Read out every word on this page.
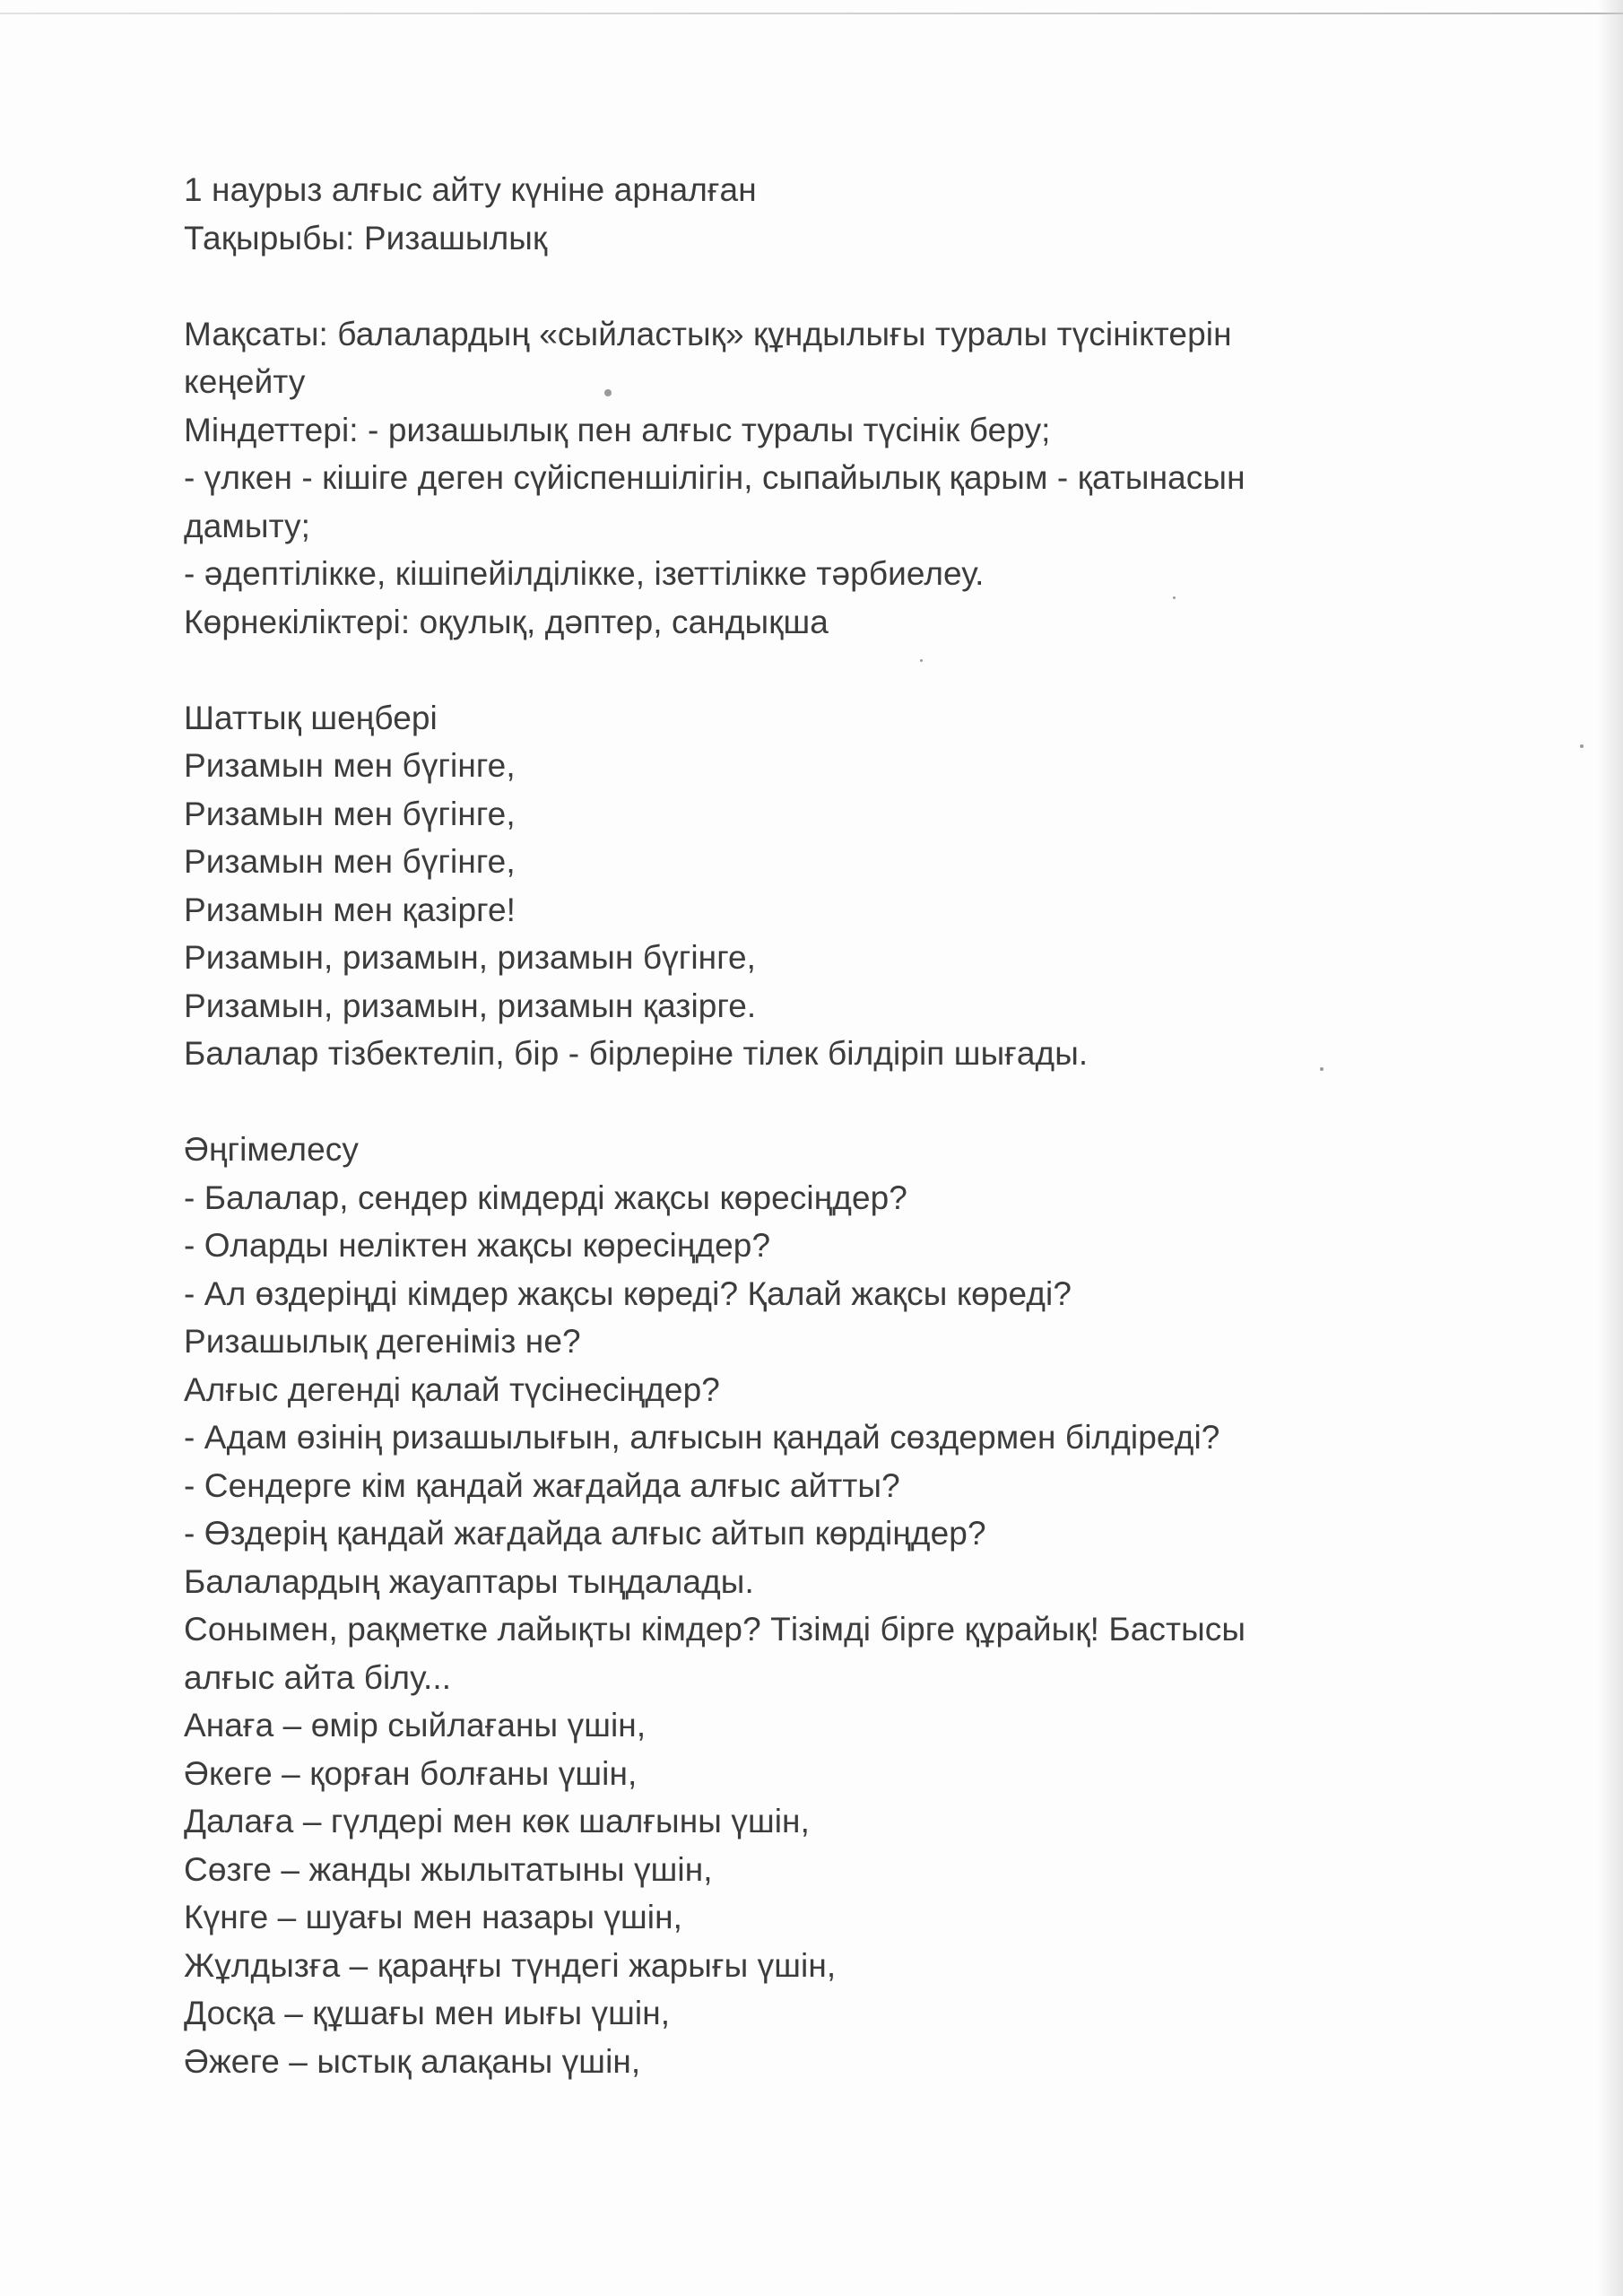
1 наурыз алғыс айту күніне арналған
Тақырыбы: Ризашылық
Мақсаты: балалардың «сыйластық» құндылығы туралы түсініктерін
кеңейту
Міндеттері: - ризашылық пен алғыс туралы түсінік беру;
- үлкен - кішіге деген сүйіспеншілігін, сыпайылық қарым - қатынасын
дамыту;
- әдептілікке, кішіпейілділікке, ізеттілікке тәрбиелеу.
Көрнекіліктері: оқулық, дәптер, сандықша
Шаттық шеңбері
Ризамын мен бүгінге,
Ризамын мен бүгінге,
Ризамын мен бүгінге,
Ризамын мен қазірге!
Ризамын, ризамын, ризамын бүгінге,
Ризамын, ризамын, ризамын қазірге.
Балалар тізбектеліп, бір - бірлеріне тілек білдіріп шығады.
Әңгімелесу
- Балалар, сендер кімдерді жақсы көресіңдер?
- Оларды неліктен жақсы көресіңдер?
- Ал өздеріңді кімдер жақсы көреді? Қалай жақсы көреді?
Ризашылық дегеніміз не?
Алғыс дегенді қалай түсінесіңдер?
- Адам өзінің ризашылығын, алғысын қандай сөздермен білдіреді?
- Сендерге кім қандай жағдайда алғыс айтты?
- Өздерің қандай жағдайда алғыс айтып көрдіңдер?
Балалардың жауаптары тыңдалады.
Сонымен, рақметке лайықты кімдер? Тізімді бірге құрайық! Бастысы
алғыс айта білу...
Анаға – өмір сыйлағаны үшін,
Әкеге – қорған болғаны үшін,
Далаға – гүлдері мен көк шалғыны үшін,
Сөзге – жанды жылытатыны үшін,
Күнге – шуағы мен назары үшін,
Жұлдызға – қараңғы түндегі жарығы үшін,
Досқа – құшағы мен иығы үшін,
Әжеге – ыстық алақаны үшін,
